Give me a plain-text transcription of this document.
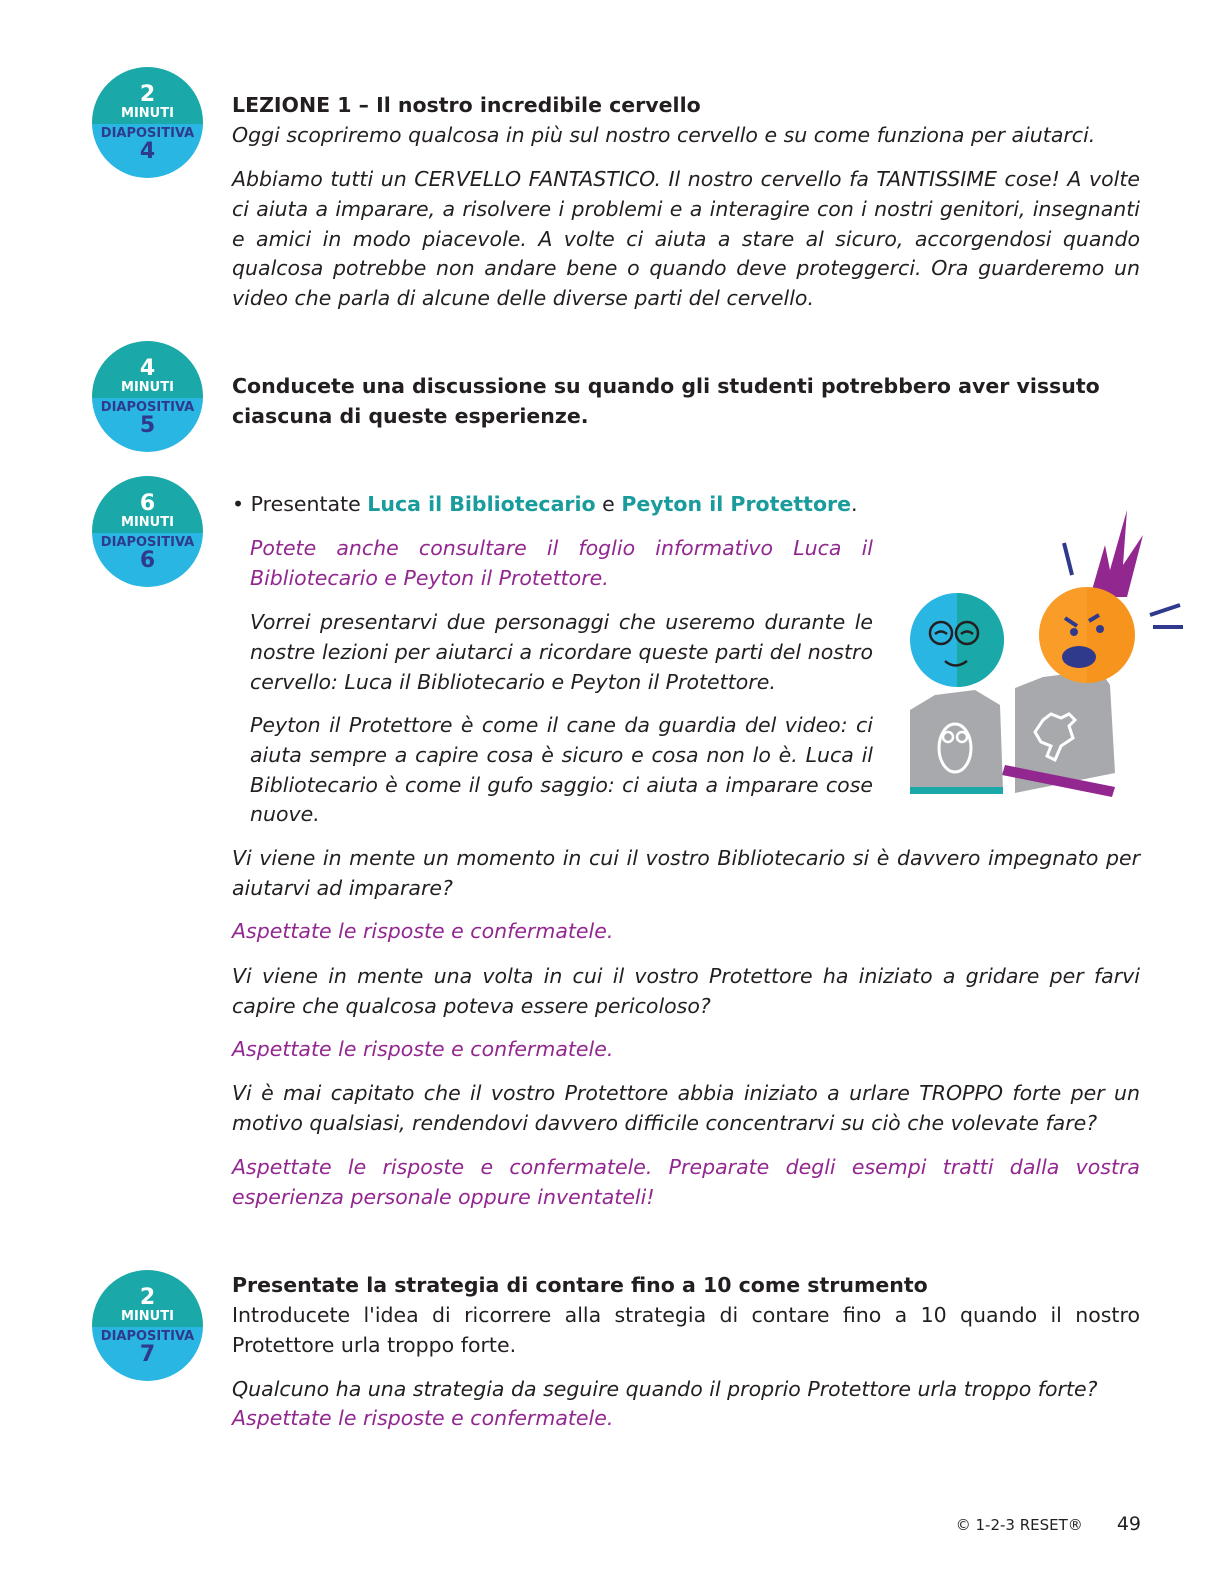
2
MINUTI
DIAPOSITIVA
4
LEZIONE 1 – Il nostro incredibile cervello
Oggi scopriremo qualcosa in più sul nostro cervello e su come funziona per aiutarci.
Abbiamo tutti un CERVELLO FANTASTICO. Il nostro cervello fa TANTISSIME cose! A volte ci aiuta a imparare, a risolvere i problemi e a interagire con i nostri genitori, insegnanti e amici in modo piacevole. A volte ci aiuta a stare al sicuro, accorgendosi quando qualcosa potrebbe non andare bene o quando deve proteggerci. Ora guarderemo un video che parla di alcune delle diverse parti del cervello.
4
MINUTI
DIAPOSITIVA
5
Conducete una discussione su quando gli studenti potrebbero aver vissuto ciascuna di queste esperienze.
6
MINUTI
DIAPOSITIVA
6
• Presentate Luca il Bibliotecario e Peyton il Protettore.
Potete anche consultare il foglio informativo Luca il Bibliotecario e Peyton il Protettore.
Vorrei presentarvi due personaggi che useremo durante le nostre lezioni per aiutarci a ricordare queste parti del nostro cervello: Luca il Bibliotecario e Peyton il Protettore.
Peyton il Protettore è come il cane da guardia del video: ci aiuta sempre a capire cosa è sicuro e cosa non lo è. Luca il Bibliotecario è come il gufo saggio: ci aiuta a imparare cose nuove.
Vi viene in mente un momento in cui il vostro Bibliotecario si è davvero impegnato per aiutarvi ad imparare?
Aspettate le risposte e confermatele.
Vi viene in mente una volta in cui il vostro Protettore ha iniziato a gridare per farvi capire che qualcosa poteva essere pericoloso?
Aspettate le risposte e confermatele.
Vi è mai capitato che il vostro Protettore abbia iniziato a urlare TROPPO forte per un motivo qualsiasi, rendendovi davvero difficile concentrarvi su ciò che volevate fare?
Aspettate le risposte e confermatele. Preparate degli esempi tratti dalla vostra esperienza personale oppure inventateli!
2
MINUTI
DIAPOSITIVA
7
Presentate la strategia di contare fino a 10 come strumento
Introducete l'idea di ricorrere alla strategia di contare fino a 10 quando il nostro Protettore urla troppo forte.
Qualcuno ha una strategia da seguire quando il proprio Protettore urla troppo forte?
Aspettate le risposte e confermatele.
© 1-2-3 RESET® 49
